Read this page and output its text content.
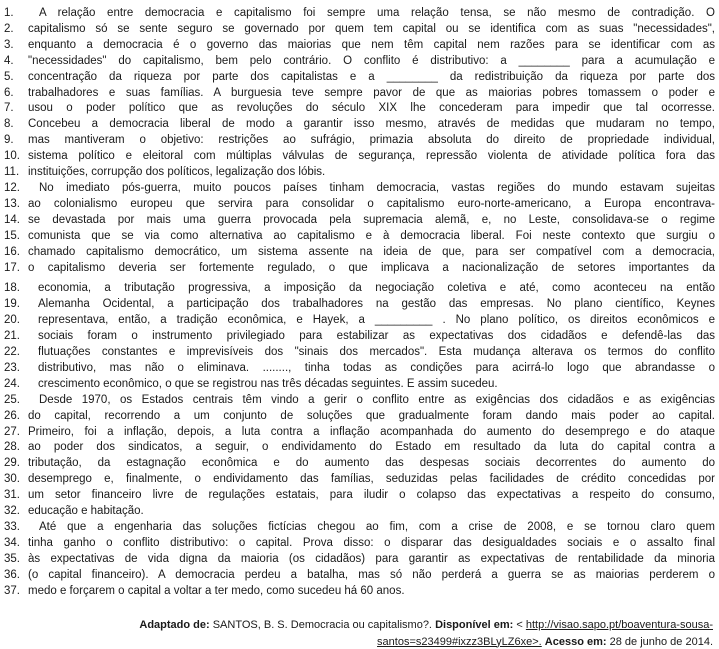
1.	A relação entre democracia e capitalismo foi sempre uma relação tensa, se não mesmo de contradição. O
2.	capitalismo só se sente seguro se governado por quem tem capital ou se identifica com as suas "necessidades",
3.	enquanto a democracia é o governo das maiorias que nem têm capital nem razões para se identificar com as
4.	"necessidades" do capitalismo, bem pelo contrário. O conflito é distributivo: a ________ para a acumulação e
5.	concentração da riqueza por parte dos capitalistas e a ________ da redistribuição da riqueza por parte dos
6.	trabalhadores e suas famílias. A burguesia teve sempre pavor de que as maiorias pobres tomassem o poder e
7.	usou o poder político que as revoluções do século XIX lhe concederam para impedir que tal ocorresse.
8.	Concebeu a democracia liberal de modo a garantir isso mesmo, através de medidas que mudaram no tempo,
9.	mas mantiveram o objetivo: restrições ao sufrágio, primazia absoluta do direito de propriedade individual,
10. sistema político e eleitoral com múltiplas válvulas de segurança, repressão violenta de atividade política fora das
11. instituições, corrupção dos políticos, legalização dos lóbis.
12.	No imediato pós-guerra, muito poucos países tinham democracia, vastas regiões do mundo estavam sujeitas
13. ao colonialismo europeu que servira para consolidar o capitalismo euro-norte-americano, a Europa encontrava-
14. se devastada por mais uma guerra provocada pela supremacia alemã, e, no Leste, consolidava-se o regime
15. comunista que se via como alternativa ao capitalismo e à democracia liberal. Foi neste contexto que surgiu o
16. chamado capitalismo democrático, um sistema assente na ideia de que, para ser compatível com a democracia,
17. o capitalismo deveria ser fortemente regulado, o que implicava a nacionalização de setores importantes da
18.	economia, a tributação progressiva, a imposição da negociação coletiva e até, como aconteceu na então
19.	Alemanha Ocidental, a participação dos trabalhadores na gestão das empresas. No plano científico, Keynes
20.	representava, então, a tradição econômica, e Hayek, a _________ . No plano político, os direitos econômicos e
21.	sociais foram o instrumento privilegiado para estabilizar as expectativas dos cidadãos e defendê-las das
22.	flutuações constantes e imprevisíveis dos "sinais dos mercados". Esta mudança alterava os termos do conflito
23.	distributivo, mas não o eliminava. ........, tinha todas as condições para acirrá-lo logo que abrandasse o
24.	crescimento econômico, o que se registrou nas três décadas seguintes. E assim sucedeu.
25.	Desde 1970, os Estados centrais têm vindo a gerir o conflito entre as exigências dos cidadãos e as exigências
26. do capital, recorrendo a um conjunto de soluções que gradualmente foram dando mais poder ao capital.
27. Primeiro, foi a inflação, depois, a luta contra a inflação acompanhada do aumento do desemprego e do ataque
28. ao poder dos sindicatos, a seguir, o endividamento do Estado em resultado da luta do capital contra a
29. tributação, da estagnação econômica e do aumento das despesas sociais decorrentes do aumento do
30. desemprego e, finalmente, o endividamento das famílias, seduzidas pelas facilidades de crédito concedidas por
31. um setor financeiro livre de regulações estatais, para iludir o colapso das expectativas a respeito do consumo,
32. educação e habitação.
33.	Até que a engenharia das soluções fictícias chegou ao fim, com a crise de 2008, e se tornou claro quem
34. tinha ganho o conflito distributivo: o capital. Prova disso: o disparar das desigualdades sociais e o assalto final
35. às expectativas de vida digna da maioria (os cidadãos) para garantir as expectativas de rentabilidade da minoria
36. (o capital financeiro). A democracia perdeu a batalha, mas só não perderá a guerra se as maiorias perderem o
37. medo e forçarem o capital a voltar a ter medo, como sucedeu há 60 anos.
Adaptado de: SANTOS, B. S. Democracia ou capitalismo?. Disponível em: < http://visao.sapo.pt/boaventura-sousa-
santos=s23499#ixzz3BLyLZ6xe>. Acesso em: 28 de junho de 2014.
